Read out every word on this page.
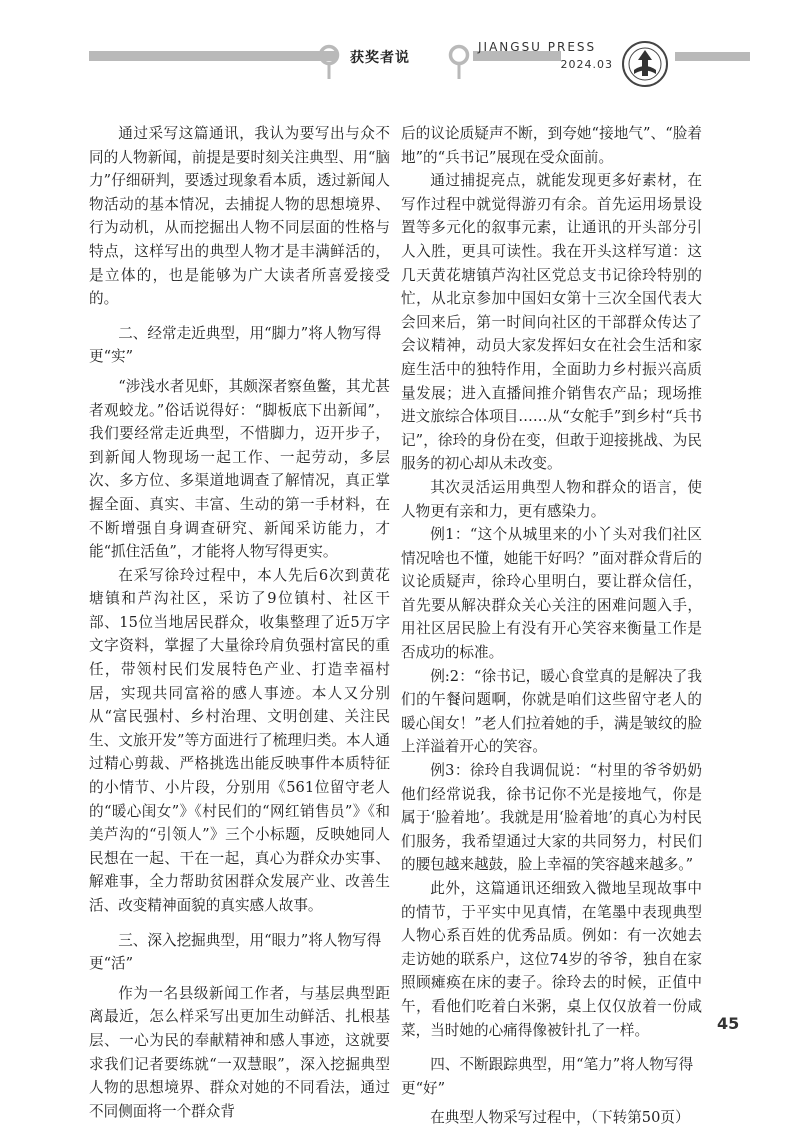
获奖者说
JIANGSU PRESS
2024.03

通过采写这篇通讯，我认为要写出与众不同的人物新闻，前提是要时刻关注典型、用“脑力”仔细研判，要透过现象看本质，透过新闻人物活动的基本情况，去捕捉人物的思想境界、行为动机，从而挖掘出人物不同层面的性格与特点，这样写出的典型人物才是丰满鲜活的，是立体的，也是能够为广大读者所喜爱接受的。

二、经常走近典型，用“脚力”将人物写得更“实”

“涉浅水者见虾，其颇深者察鱼鳖，其尤甚者观蛟龙。”俗话说得好：“脚板底下出新闻”，我们要经常走近典型，不惜脚力，迈开步子，到新闻人物现场一起工作、一起劳动，多层次、多方位、多渠道地调查了解情况，真正掌握全面、真实、丰富、生动的第一手材料，在不断增强自身调查研究、新闻采访能力，才能“抓住活鱼”，才能将人物写得更实。

在采写徐玲过程中，本人先后6次到黄花塘镇和芦沟社区，采访了9位镇村、社区干部、15位当地居民群众，收集整理了近5万字文字资料，掌握了大量徐玲肩负强村富民的重任，带领村民们发展特色产业、打造幸福村居，实现共同富裕的感人事迹。本人又分别从“富民强村、乡村治理、文明创建、关注民生、文旅开发”等方面进行了梳理归类。本人通过精心剪裁、严格挑选出能反映事件本质特征的小情节、小片段，分别用《561位留守老人的“暖心闺女”》《村民们的“网红销售员”》《和美芦沟的“引领人”》三个小标题，反映她同人民想在一起、干在一起，真心为群众办实事、解难事，全力帮助贫困群众发展产业、改善生活、改变精神面貌的真实感人故事。

三、深入挖掘典型，用“眼力”将人物写得更“活”

作为一名县级新闻工作者，与基层典型距离最近，怎么样采写出更加生动鲜活、扎根基层、一心为民的奉献精神和感人事迹，这就要求我们记者要练就“一双慧眼”，深入挖掘典型人物的思想境界、群众对她的不同看法，通过不同侧面将一个群众背

后的议论质疑声不断，到夸她“接地气”、“脸着地”的“兵书记”展现在受众面前。

通过捕捉亮点，就能发现更多好素材，在写作过程中就觉得游刃有余。首先运用场景设置等多元化的叙事元素，让通讯的开头部分引人入胜，更具可读性。我在开头这样写道：这几天黄花塘镇芦沟社区党总支书记徐玲特别的忙，从北京参加中国妇女第十三次全国代表大会回来后，第一时间向社区的干部群众传达了会议精神，动员大家发挥妇女在社会生活和家庭生活中的独特作用，全面助力乡村振兴高质量发展；进入直播间推介销售农产品；现场推进文旅综合体项目……从“女舵手”到乡村“兵书记”，徐玲的身份在变，但敢于迎接挑战、为民服务的初心却从未改变。

其次灵活运用典型人物和群众的语言，使人物更有亲和力，更有感染力。

例1：“这个从城里来的小丫头对我们社区情况啥也不懂，她能干好吗？”面对群众背后的议论质疑声，徐玲心里明白，要让群众信任，首先要从解决群众关心关注的困难问题入手，用社区居民脸上有没有开心笑容来衡量工作是否成功的标准。

例:2：“徐书记，暖心食堂真的是解决了我们的午餐问题啊，你就是咱们这些留守老人的暖心闺女！”老人们拉着她的手，满是皱纹的脸上洋溢着开心的笑容。

例3：徐玲自我调侃说：“村里的爷爷奶奶他们经常说我，徐书记你不光是接地气，你是属于‘脸着地’。我就是用‘脸着地’的真心为村民们服务，我希望通过大家的共同努力，村民们的腰包越来越鼓，脸上幸福的笑容越来越多。”

此外，这篇通讯还细致入微地呈现故事中的情节，于平实中见真情，在笔墨中表现典型人物心系百姓的优秀品质。例如：有一次她去走访她的联系户，这位74岁的爷爷，独自在家照顾瘫痪在床的妻子。徐玲去的时候，正值中午，看他们吃着白米粥，桌上仅仅放着一份咸菜，当时她的心痛得像被针扎了一样。

四、不断跟踪典型，用“笔力”将人物写得更“好”

在典型人物采写过程中，（下转第50页）

45
